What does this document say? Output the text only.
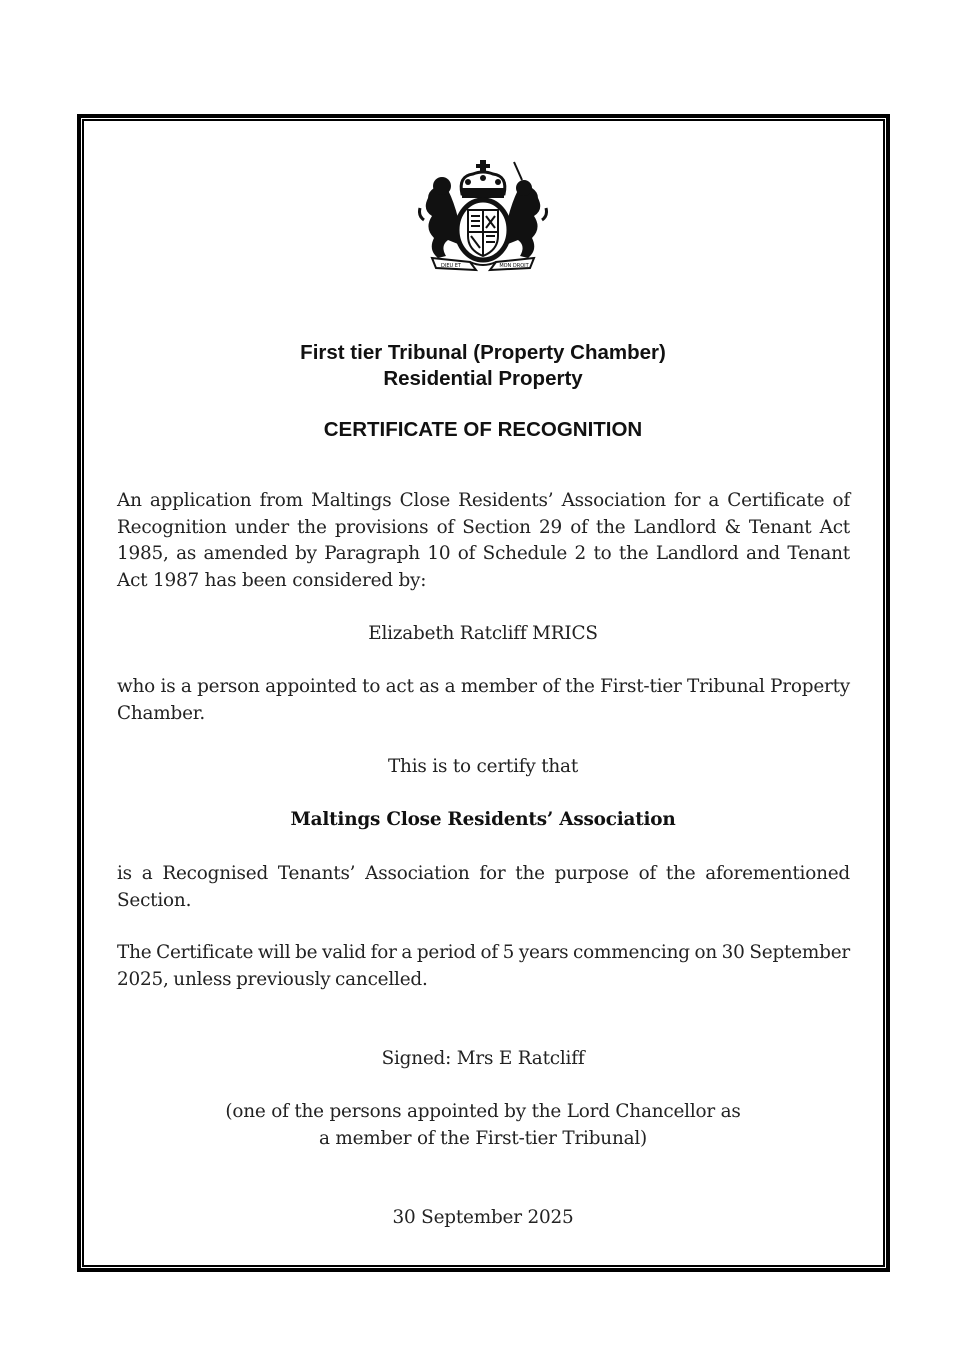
DIEU ET	MON DROIT
First tier Tribunal (Property Chamber)
Residential Property
CERTIFICATE OF RECOGNITION
An application from Maltings Close Residents’ Association for a Certificate of Recognition under the provisions of Section 29 of the Landlord & Tenant Act 1985, as amended by Paragraph 10 of Schedule 2 to the Landlord and Tenant Act 1987 has been considered by:
Elizabeth Ratcliff MRICS
who is a person appointed to act as a member of the First-tier Tribunal Property Chamber.
This is to certify that
Maltings Close Residents’ Association
is a Recognised Tenants’ Association for the purpose of the aforementioned Section.
The Certificate will be valid for a period of 5 years commencing on 30 September 2025, unless previously cancelled.
Signed: Mrs E Ratcliff
(one of the persons appointed by the Lord Chancellor as
a member of the First-tier Tribunal)
30 September 2025
